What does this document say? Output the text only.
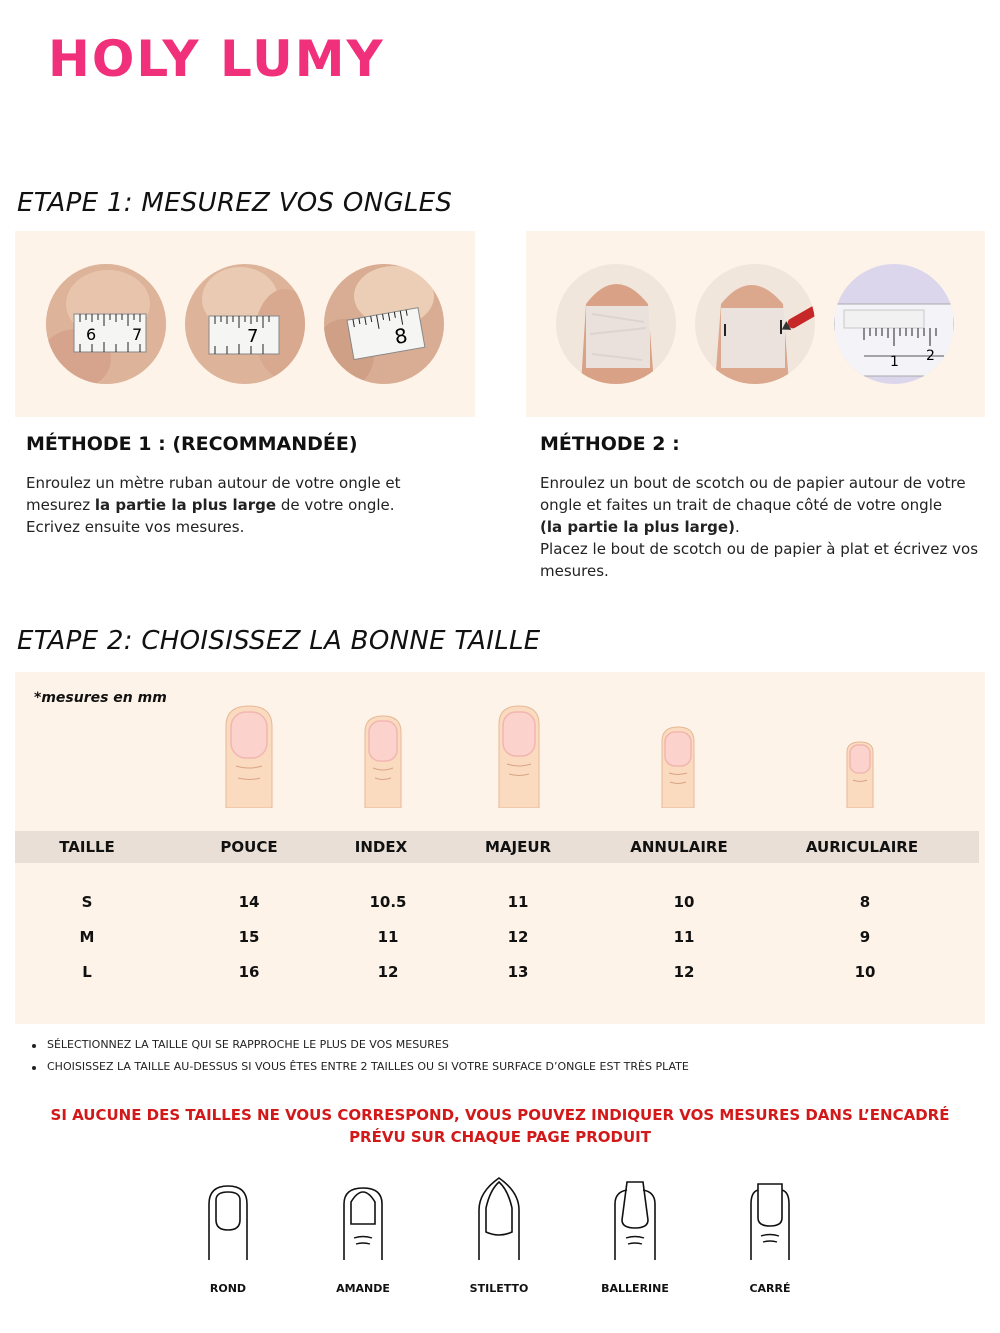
HOLY LUMY
ETAPE 1: MESUREZ VOS ONGLES
6 7	7	8
1 2
MÉTHODE 1 : (RECOMMANDÉE)
Enroulez un mètre ruban autour de votre ongle et mesurez la partie la plus large de votre ongle. Ecrivez ensuite vos mesures.
MÉTHODE 2 :
Enroulez un bout de scotch ou de papier autour de votre ongle et faites un trait de chaque côté de votre ongle
(la partie la plus large).
Placez le bout de scotch ou de papier à plat et écrivez vos mesures.
ETAPE 2: CHOISISSEZ LA BONNE TAILLE
*mesures en mm
TAILLE	POUCE	INDEX	MAJEUR	ANNULAIRE	AURICULAIRE
S	14	10.5	11	10	8
M	15	11	12	11	9
L	16	12	13	12	10
SÉLECTIONNEZ LA TAILLE QUI SE RAPPROCHE LE PLUS DE VOS MESURES
CHOISISSEZ LA TAILLE AU-DESSUS SI VOUS ÊTES ENTRE 2 TAILLES OU SI VOTRE SURFACE D’ONGLE EST TRÈS PLATE
SI AUCUNE DES TAILLES NE VOUS CORRESPOND, VOUS POUVEZ INDIQUER VOS MESURES DANS L’ENCADRÉ
PRÉVU SUR CHAQUE PAGE PRODUIT
ROND	AMANDE	STILETTO	BALLERINE	CARRÉ
